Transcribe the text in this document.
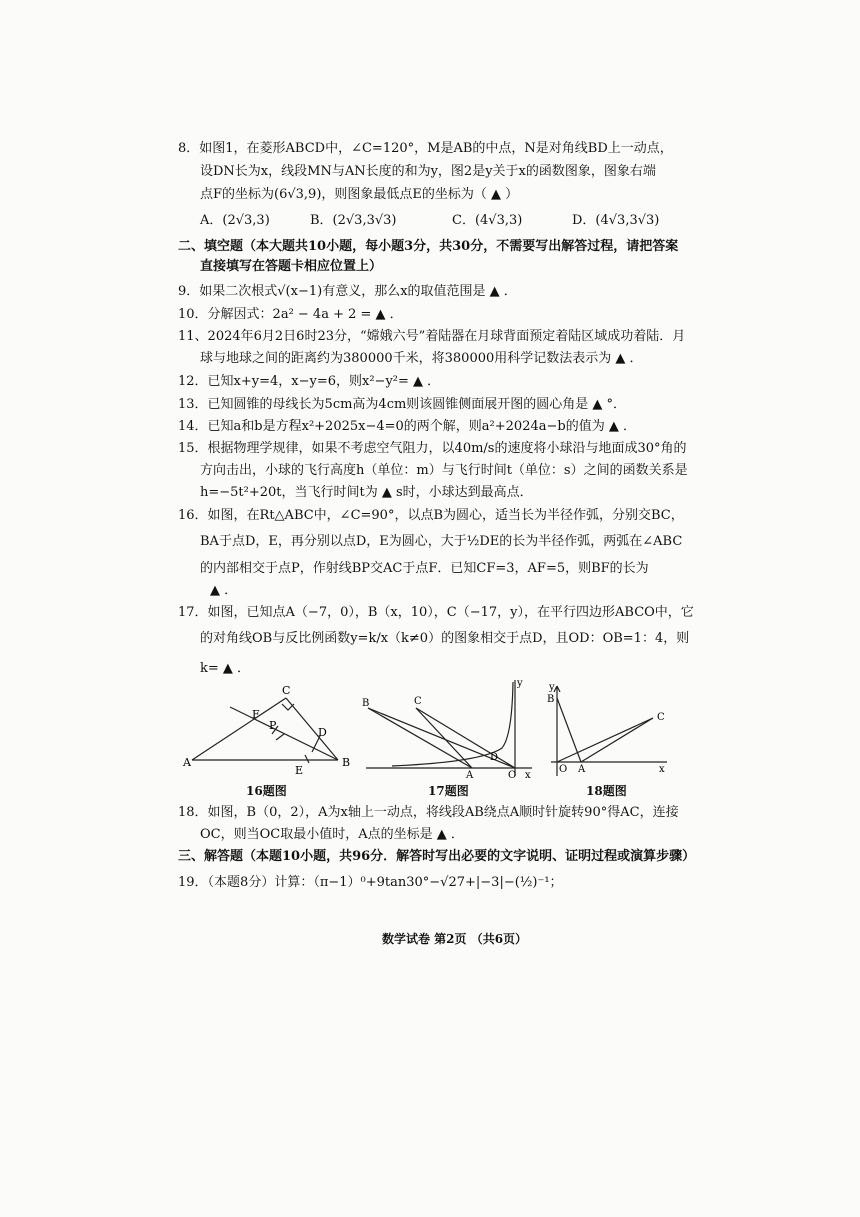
8．如图1，在菱形ABCD中，∠C=120°，M是AB的中点，N是对角线BD上一动点，
设DN长为x，线段MN与AN长度的和为y，图2是y关于x的函数图象，图象右端
点F的坐标为(6√3,9)，则图象最低点E的坐标为（ ▲ ）
A．(2√3,3)	B．(2√3,3√3)	C．(4√3,3)	D．(4√3,3√3)
二、填空题（本大题共10小题，每小题3分，共30分，不需要写出解答过程，请把答案
直接填写在答题卡相应位置上）
9．如果二次根式√(x−1)有意义，那么x的取值范围是 ▲ ．
10．分解因式：2a² − 4a + 2 = ▲ ．
11、2024年6月2日6时23分，“嫦娥六号”着陆器在月球背面预定着陆区域成功着陆．月
球与地球之间的距离约为380000千米，将380000用科学记数法表示为 ▲ ．
12．已知x+y=4，x−y=6，则x²−y²= ▲ ．
13．已知圆锥的母线长为5cm高为4cm则该圆锥侧面展开图的圆心角是 ▲ °．
14．已知a和b是方程x²+2025x−4=0的两个解，则a²+2024a−b的值为 ▲ ．
15．根据物理学规律，如果不考虑空气阻力，以40m/s的速度将小球沿与地面成30°角的
方向击出，小球的飞行高度h（单位：m）与飞行时间t（单位：s）之间的函数关系是
h=−5t²+20t，当飞行时间t为 ▲ s时，小球达到最高点．
16．如图，在Rt△ABC中，∠C=90°，以点B为圆心，适当长为半径作弧，分别交BC，
BA于点D，E，再分别以点D，E为圆心，大于½DE的长为半径作弧，两弧在∠ABC
的内部相交于点P，作射线BP交AC于点F．已知CF=3，AF=5，则BF的长为
▲ ．
17．如图，已知点A（−7，0），B（x，10），C（−17，y），在平行四边形ABCO中，它
的对角线OB与反比例函数y=k/x（k≠0）的图象相交于点D，且OD：OB=1：4，则
k= ▲ ．
A	B
C
D
E
F
P
16题图
B	C
D
A	O x
y
17题图
y
B
C
O A	x
18题图
18．如图，B（0，2），A为x轴上一动点，将线段AB绕点A顺时针旋转90°得AC，连接
OC，则当OC取最小值时，A点的坐标是 ▲ ．
三、解答题（本题10小题，共96分．解答时写出必要的文字说明、证明过程或演算步骤）
19．（本题8分）计算：（π−1）⁰+9tan30°−√27+|−3|−(½)⁻¹；
数学试卷 第2页 （共6页）
